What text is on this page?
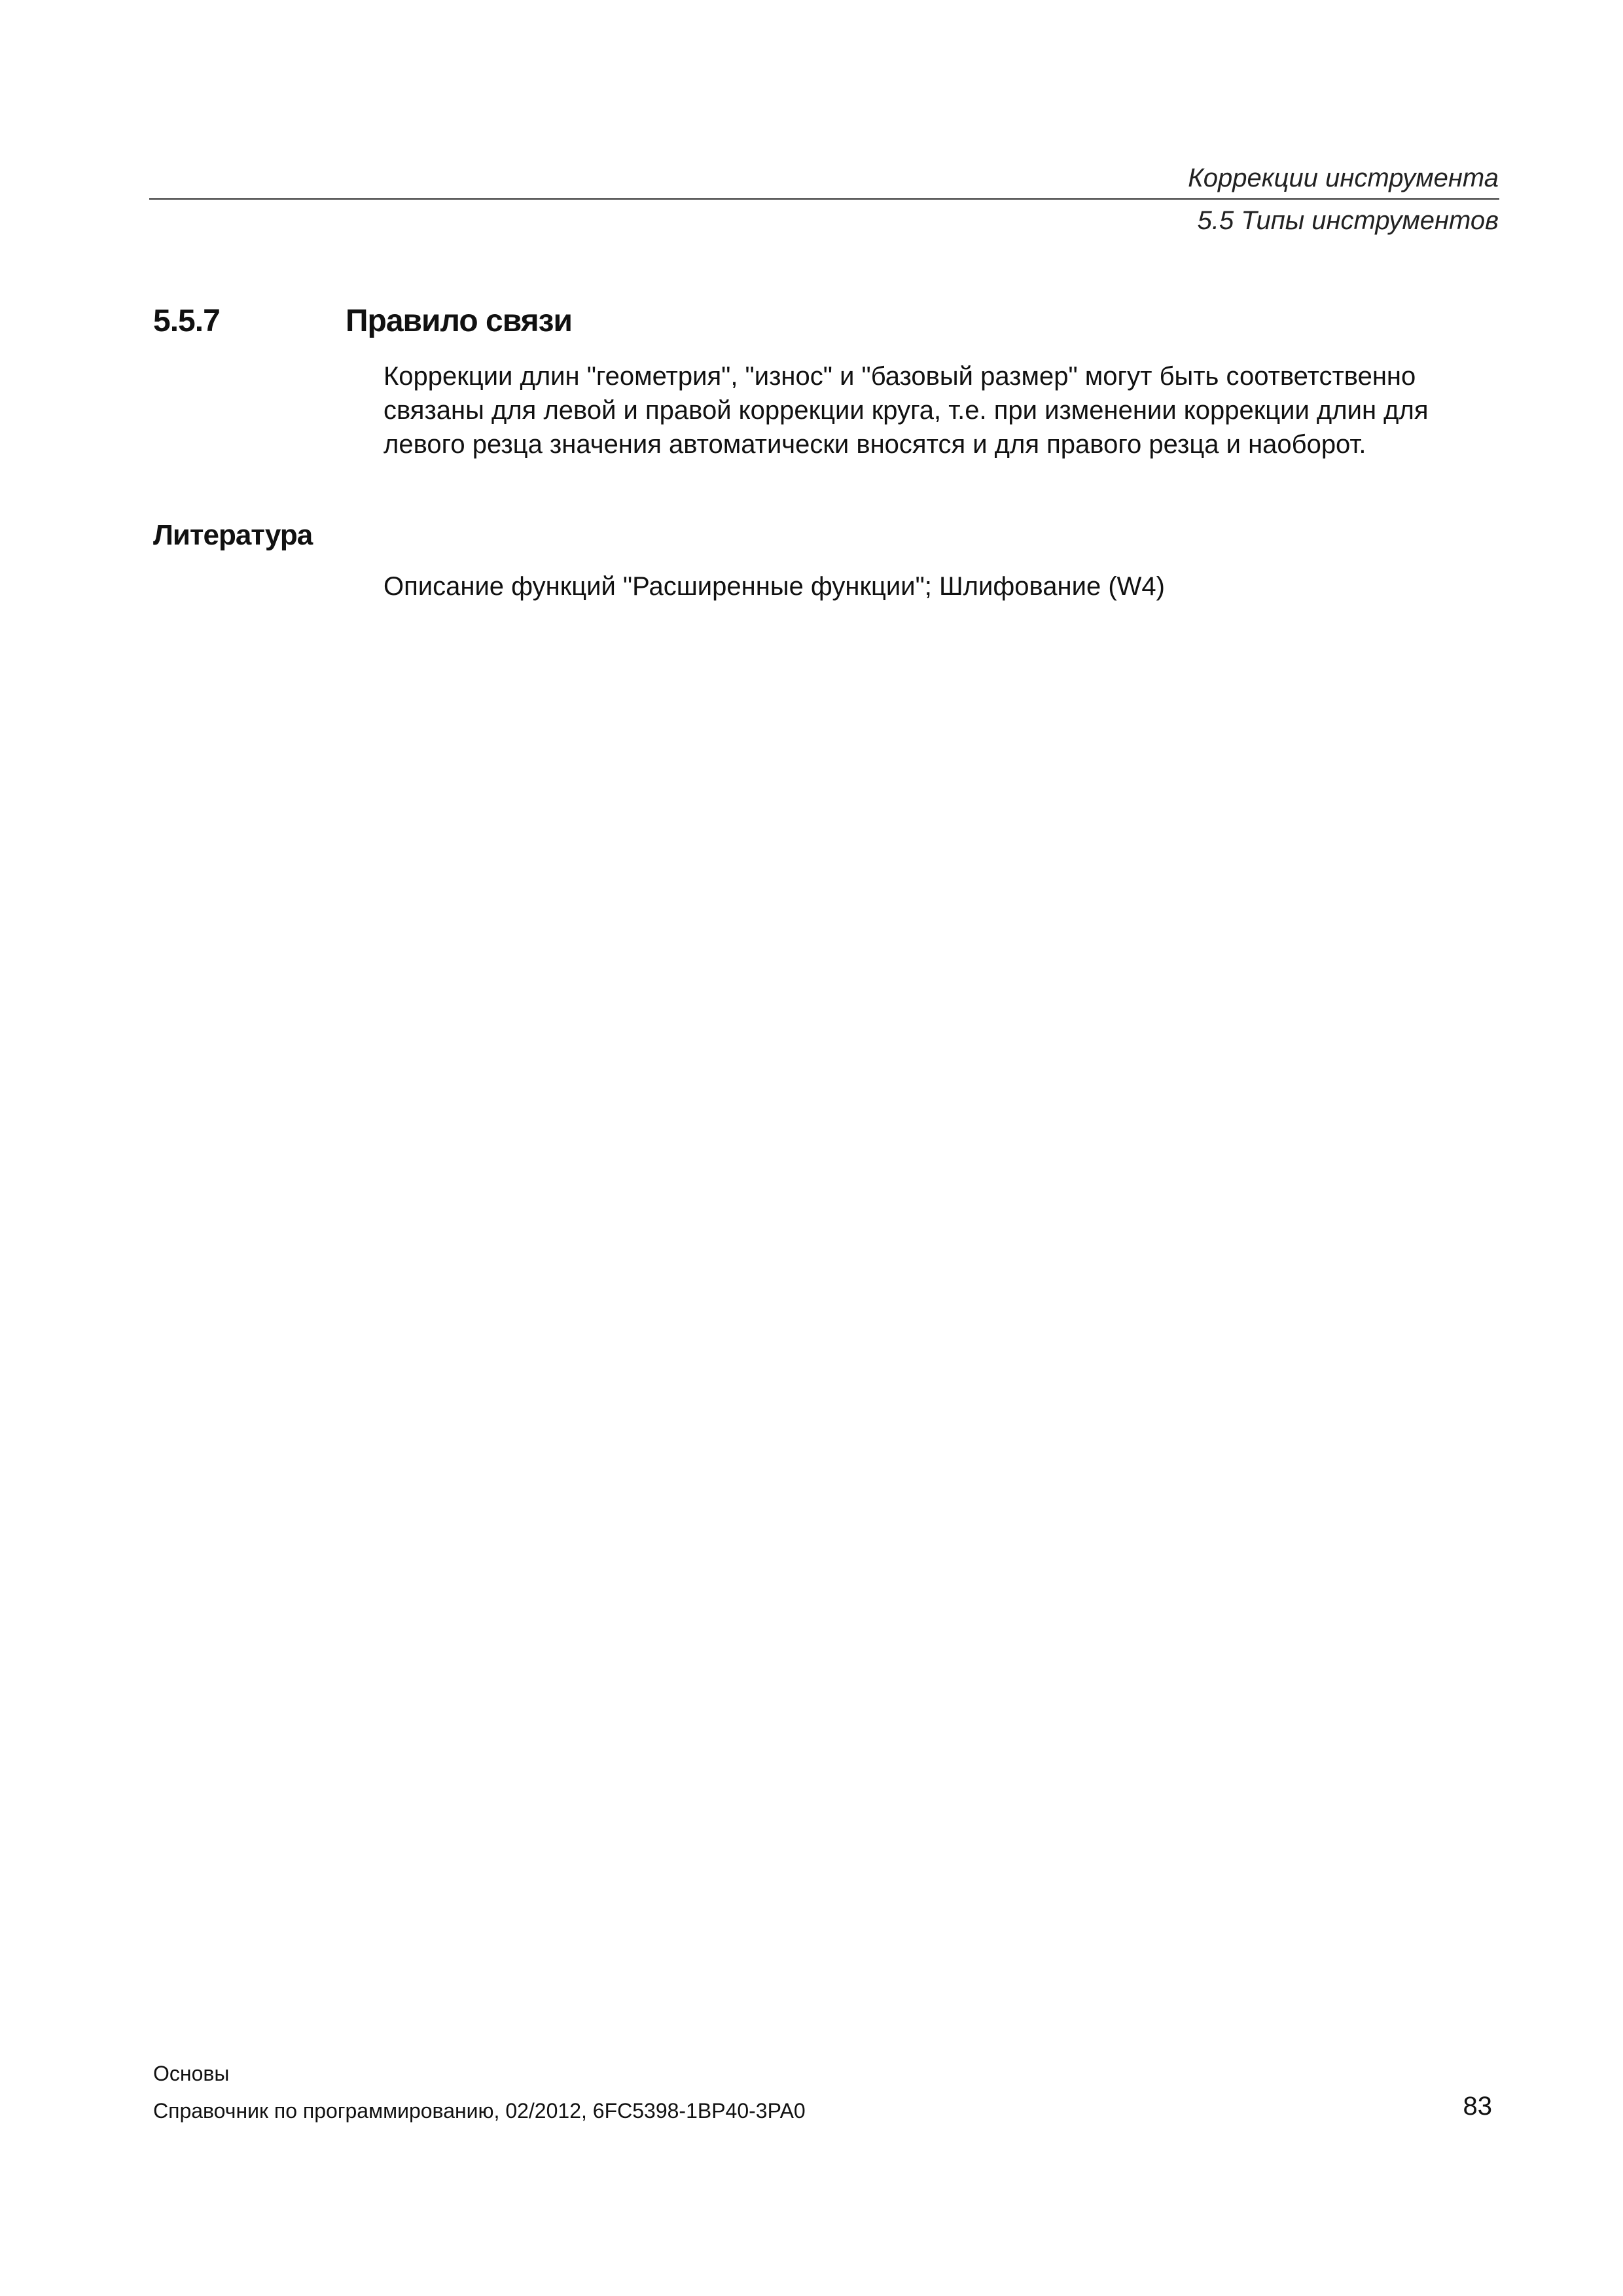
Коррекции инструмента
5.5 Типы инструментов
5.5.7	Правило связи
Коррекции длин "геометрия", "износ" и "базовый размер" могут быть соответственно
связаны для левой и правой коррекции круга, т.е. при изменении коррекции длин для
левого резца значения автоматически вносятся и для правого резца и наоборот.
Литература
Описание функций "Расширенные функции"; Шлифование (W4)
Основы
Справочник по программированию, 02/2012, 6FC5398-1BP40-3PA0	83
